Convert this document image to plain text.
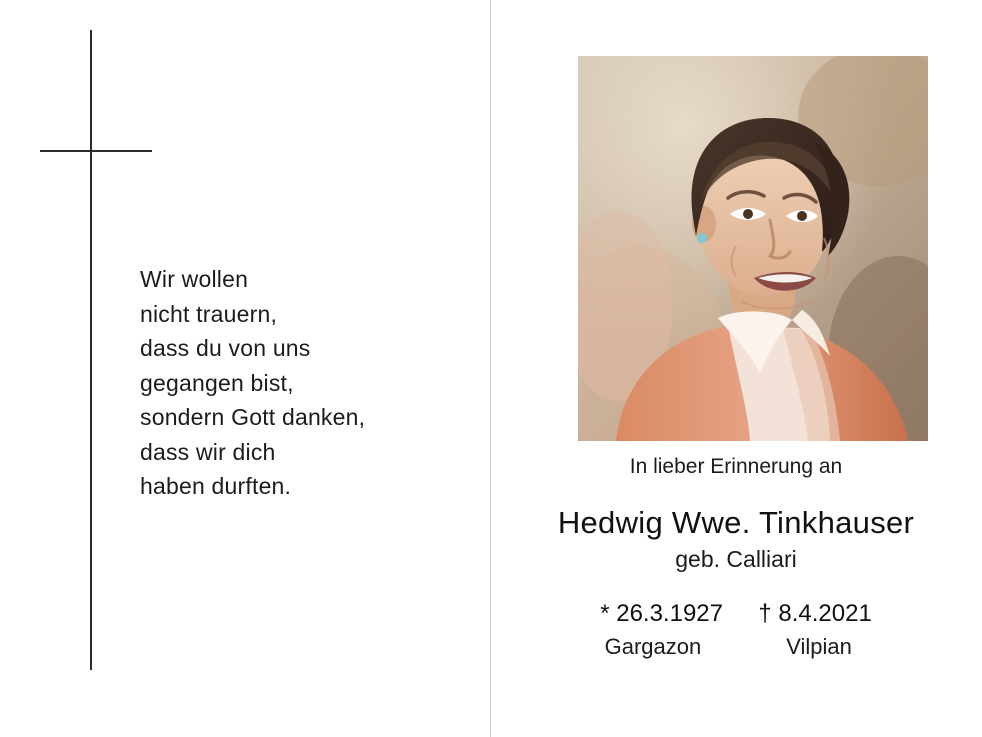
Wir wollen
nicht trauern,
dass du von uns
gegangen bist,
sondern Gott danken,
dass wir dich
haben durften.
In lieber Erinnerung an
Hedwig Wwe. Tinkhauser
geb. Calliari
* 26.3.1927 † 8.4.2021
Gargazon	Vilpian
